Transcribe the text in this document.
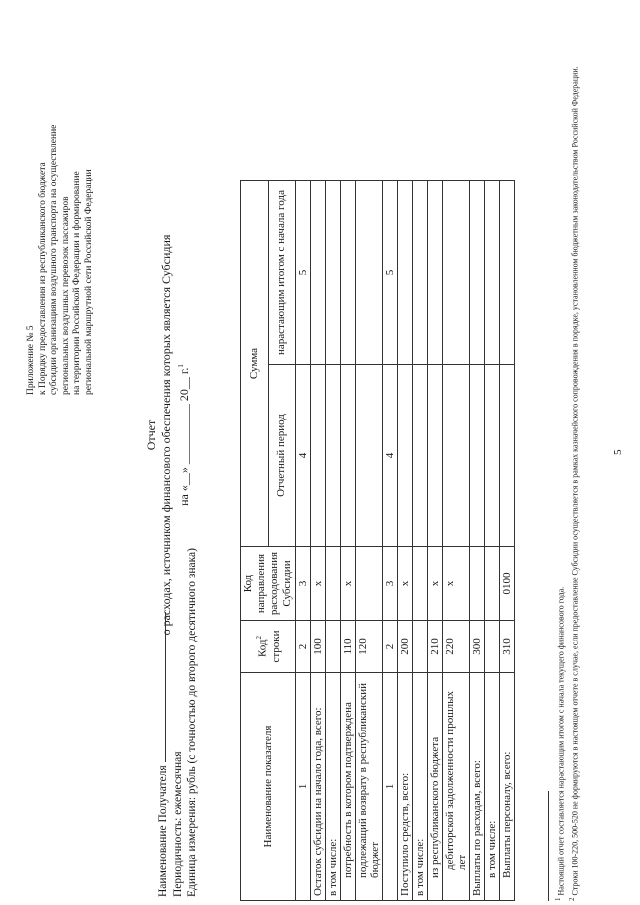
Приложение № 5 к Порядку предоставления из республиканского бюджета субсидии организациям воздушного транспорта на осуществление региональных воздушных перевозок пассажиров на территории Российской Федерации и формирование региональной маршрутной сети Российской Федерации
Отчет о расходах, источником финансового обеспечения которых является Субсидия на «__» __________ 20__ г.$^1$
Наименование Получателя Периодичность: ежемесячная Единица измерения: рубль (с точностью до второго десятичного знака)	Наименование показателя	Код$^2$ строки	Код направления расходования Субсидии	Сумма	
			Отчетный период	нарастающим итогом с начала года
1	2	3	4	5
Остаток субсидии на начало года, всего:	100	х		
в том числе:				
потребность в котором подтверждена	110	х		
подлежащий возврату в республиканский бюджет	120			
1	2	3	4	5
Поступило средств, всего:	200	х		
в том числе:				
из республиканского бюджета	210	х		
дебиторской задолженности прошлых лет	220	х		
Выплаты по расходам, всего:	300			
в том числе:				
Выплаты персоналу, всего:	310	0100		
$^1$ Настоящий отчет составляется нарастающим итогом с начала текущего финансового года.
$^2$ Строки 100-220, 500-520 не формируются в настоящем отчете в случае, если предоставление Субсидии осуществляется в рамках казначейского сопровождения в порядке, установленном бюджетным законодательством Российской Федерации.	5
